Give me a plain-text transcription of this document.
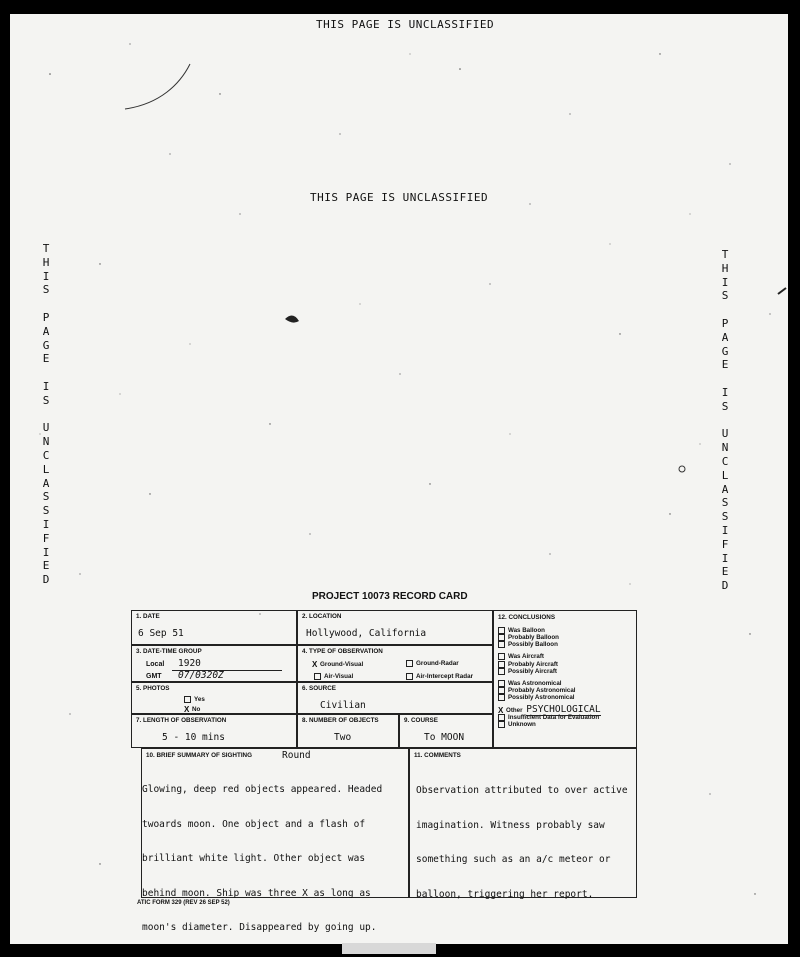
THIS PAGE IS UNCLASSIFIED
THIS PAGE IS UNCLASSIFIED
T
H
I
S

P
A
G
E

I
S

U
N
C
L
A
S
S
I
F
I
E
D
T
H
I
S

P
A
G
E

I
S

U
N
C
L
A
S
S
I
F
I
E
D
PROJECT 10073 RECORD CARD
1. DATE
6 Sep 51
2. LOCATION
Hollywood, California
3. DATE-TIME GROUP
Local 1920
GMT 07/0320Z
4. TYPE OF OBSERVATION
X Ground-Visual	Ground-Radar
Air-Visual	Air-Intercept Radar
5. PHOTOS
Yes
X No
6. SOURCE
Civilian
7. LENGTH OF OBSERVATION
5 - 10 mins
8. NUMBER OF OBJECTS
Two
9. COURSE
To MOON
12. CONCLUSIONS
Was Balloon
Probably Balloon
Possibly Balloon
Was Aircraft
Probably Aircraft
Possibly Aircraft
Was Astronomical
Probably Astronomical
Possibly Astronomical
X Other PSYCHOLOGICAL
Insufficient Data for Evaluation
Unknown
10. BRIEF SUMMARY OF SIGHTING	Round

Glowing, deep red objects appeared. Headed

twoards moon. One object and a flash of

brilliant white light. Other object was

behind moon. Ship was three X as long as

moon's diameter. Disappeared by going up.

11. COMMENTS

Observation attributed to over active

imagination. Witness probably saw

something such as an a/c meteor or

balloon, triggering her report.

ATIC FORM 329 (REV 26 SEP 52)
